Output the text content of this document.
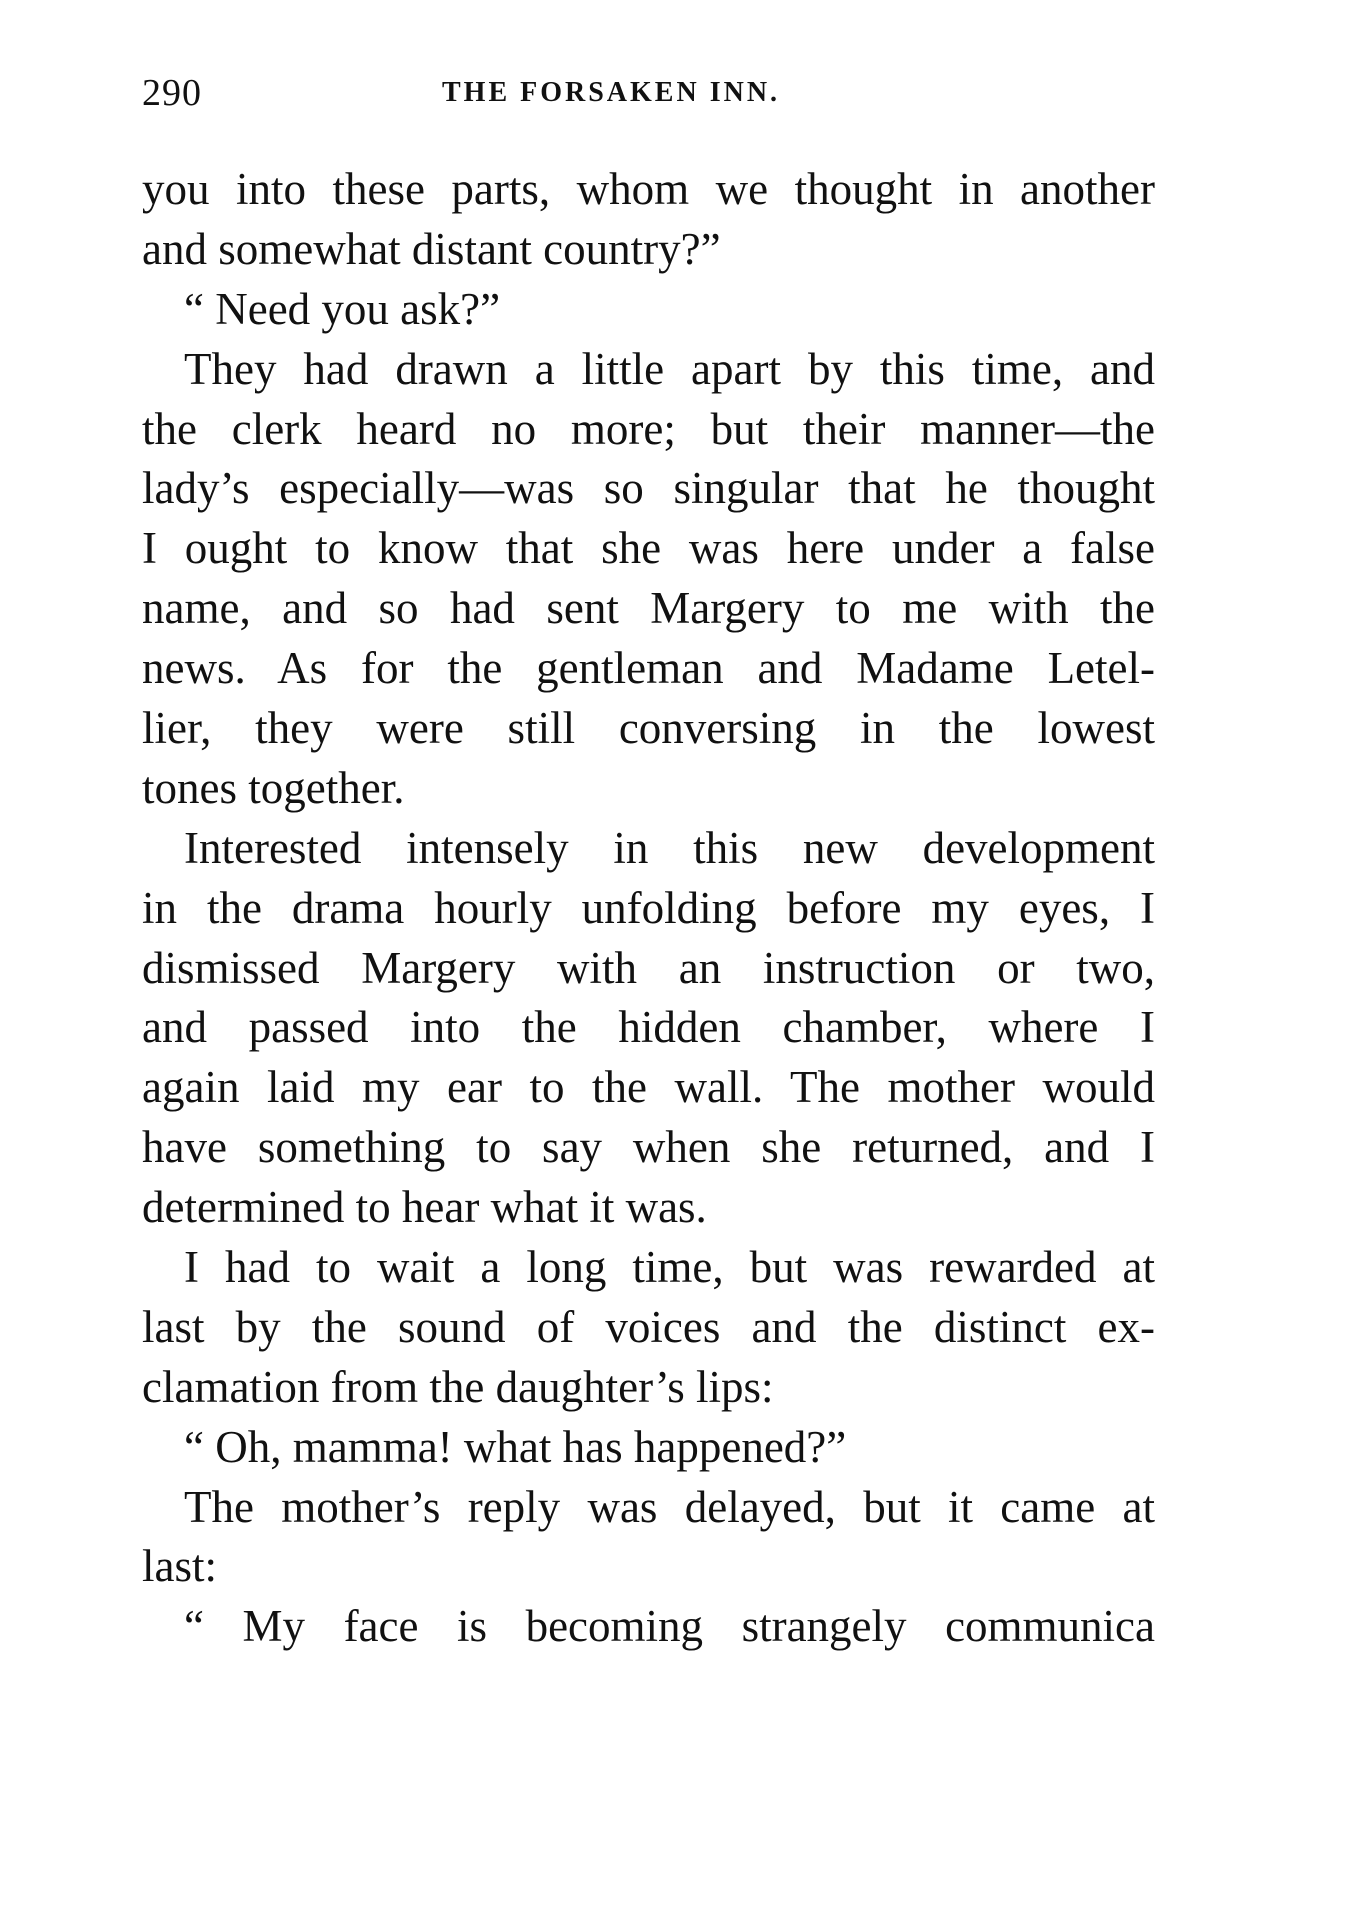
290	THE FORSAKEN INN.
you into these parts, whom we thought in another
and somewhat distant country?”
“ Need you ask?”
They had drawn a little apart by this time, and
the clerk heard no more; but their manner—the
lady’s especially—was so singular that he thought
I ought to know that she was here under a false
name, and so had sent Margery to me with the
news. As for the gentleman and Madame Letel-
lier, they were still conversing in the lowest
tones together.
Interested intensely in this new development
in the drama hourly unfolding before my eyes, I
dismissed Margery with an instruction or two,
and passed into the hidden chamber, where I
again laid my ear to the wall. The mother would
have something to say when she returned, and I
determined to hear what it was.
I had to wait a long time, but was rewarded at
last by the sound of voices and the distinct ex-
clamation from the daughter’s lips:
“ Oh, mamma! what has happened?”
The mother’s reply was delayed, but it came at
last:
“ My face is becoming strangely communica
